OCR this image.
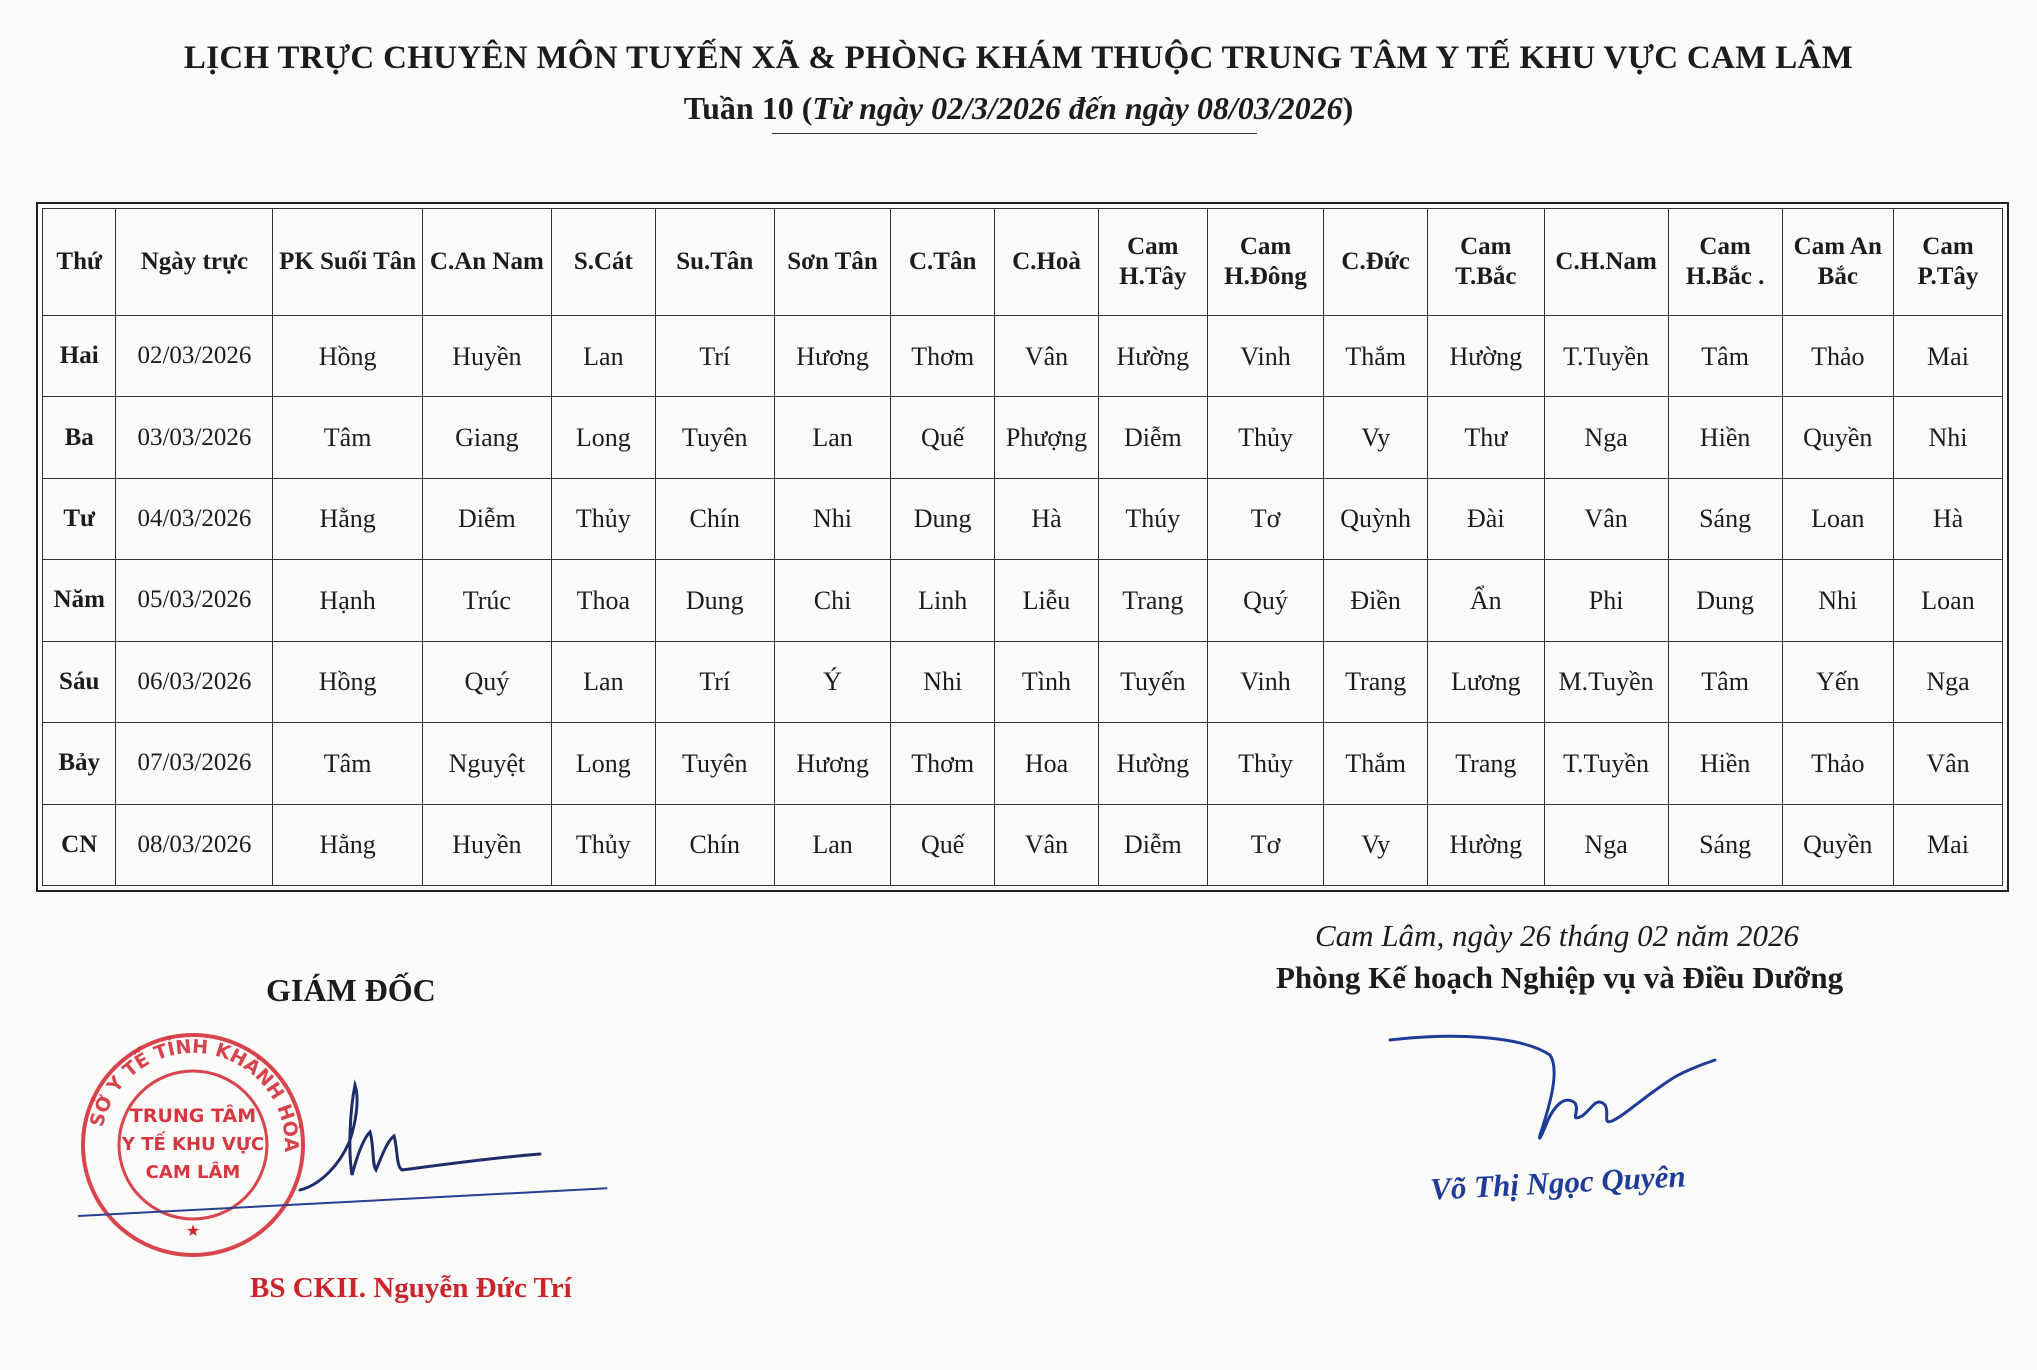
LỊCH TRỰC CHUYÊN MÔN TUYẾN XÃ & PHÒNG KHÁM THUỘC TRUNG TÂM Y TẾ KHU VỰC CAM LÂM
Tuần 10 (Từ ngày 02/3/2026 đến ngày 08/03/2026)
Thứ	Ngày trực	PK Suối Tân	C.An Nam	S.Cát	Su.Tân	Sơn Tân	C.Tân	C.Hoà	Cam H.Tây	Cam H.Đông	C.Đức	Cam T.Bắc	C.H.Nam	Cam H.Bắc .	Cam An Bắc	Cam P.Tây
Hai	02/03/2026	Hồng	Huyền	Lan	Trí	Hương	Thơm	Vân	Hường	Vinh	Thắm	Hường	T.Tuyền	Tâm	Thảo	Mai
Ba	03/03/2026	Tâm	Giang	Long	Tuyên	Lan	Quế	Phượng	Diễm	Thủy	Vy	Thư	Nga	Hiền	Quyền	Nhi
Tư	04/03/2026	Hằng	Diễm	Thủy	Chín	Nhi	Dung	Hà	Thúy	Tơ	Quỳnh	Đài	Vân	Sáng	Loan	Hà
Năm	05/03/2026	Hạnh	Trúc	Thoa	Dung	Chi	Linh	Liễu	Trang	Quý	Điền	Ẩn	Phi	Dung	Nhi	Loan
Sáu	06/03/2026	Hồng	Quý	Lan	Trí	Ý	Nhi	Tình	Tuyến	Vinh	Trang	Lương	M.Tuyền	Tâm	Yến	Nga
Bảy	07/03/2026	Tâm	Nguyệt	Long	Tuyên	Hương	Thơm	Hoa	Hường	Thủy	Thắm	Trang	T.Tuyền	Hiền	Thảo	Vân
CN	08/03/2026	Hằng	Huyền	Thủy	Chín	Lan	Quế	Vân	Diễm	Tơ	Vy	Hường	Nga	Sáng	Quyền	Mai
Cam Lâm, ngày 26 tháng 02 năm 2026
Phòng Kế hoạch Nghiệp vụ và Điều Dưỡng
GIÁM ĐỐC
SỞ Y TẾ TỈNH KHÁNH HÒA
TRUNG TÂM
Y TẾ KHU VỰC
CAM LÂM
★
BS CKII. Nguyễn Đức Trí
Võ Thị Ngọc Quyên
